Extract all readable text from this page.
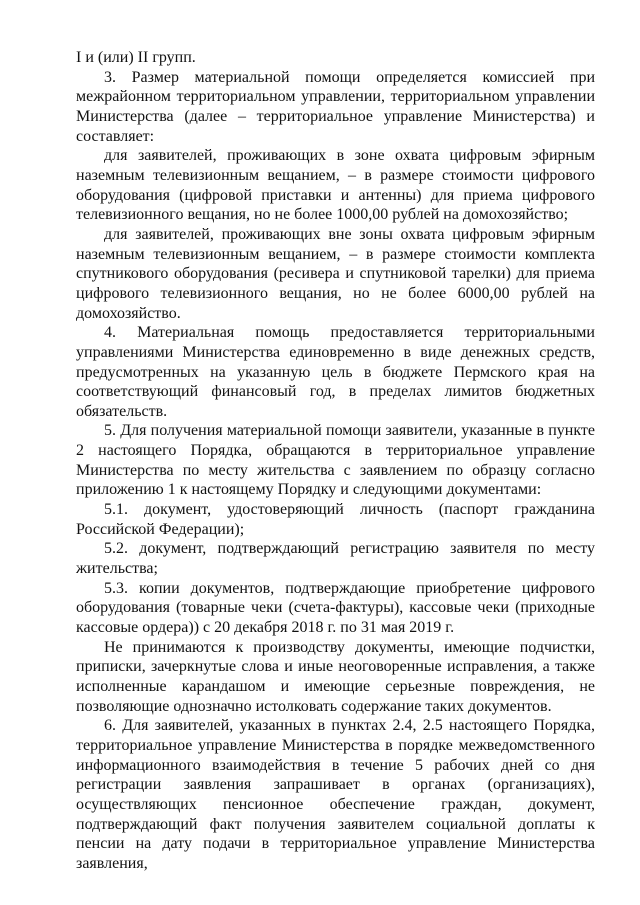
I и (или) II групп.

3. Размер материальной помощи определяется комиссией при межрайонном территориальном управлении, территориальном управлении Министерства (далее – территориальное управление Министерства) и составляет:

для заявителей, проживающих в зоне охвата цифровым эфирным наземным телевизионным вещанием, – в размере стоимости цифрового оборудования (цифровой приставки и антенны) для приема цифрового телевизионного вещания, но не более 1000,00 рублей на домохозяйство;

для заявителей, проживающих вне зоны охвата цифровым эфирным наземным телевизионным вещанием, – в размере стоимости комплекта спутникового оборудования (ресивера и спутниковой тарелки) для приема цифрового телевизионного вещания, но не более 6000,00 рублей на домохозяйство.

4. Материальная помощь предоставляется территориальными управлениями Министерства единовременно в виде денежных средств, предусмотренных на указанную цель в бюджете Пермского края на соответствующий финансовый год, в пределах лимитов бюджетных обязательств.

5. Для получения материальной помощи заявители, указанные в пункте 2 настоящего Порядка, обращаются в территориальное управление Министерства по месту жительства с заявлением по образцу согласно приложению 1 к настоящему Порядку и следующими документами:

5.1. документ, удостоверяющий личность (паспорт гражданина Российской Федерации);

5.2. документ, подтверждающий регистрацию заявителя по месту жительства;

5.3. копии документов, подтверждающие приобретение цифрового оборудования (товарные чеки (счета-фактуры), кассовые чеки (приходные кассовые ордера)) с 20 декабря 2018 г. по 31 мая 2019 г.

Не принимаются к производству документы, имеющие подчистки, приписки, зачеркнутые слова и иные неоговоренные исправления, а также исполненные карандашом и имеющие серьезные повреждения, не позволяющие однозначно истолковать содержание таких документов.

6. Для заявителей, указанных в пунктах 2.4, 2.5 настоящего Порядка, территориальное управление Министерства в порядке межведомственного информационного взаимодействия в течение 5 рабочих дней со дня регистрации заявления запрашивает в органах (организациях), осуществляющих пенсионное обеспечение граждан, документ, подтверждающий факт получения заявителем социальной доплаты к пенсии на дату подачи в территориальное управление Министерства заявления,
